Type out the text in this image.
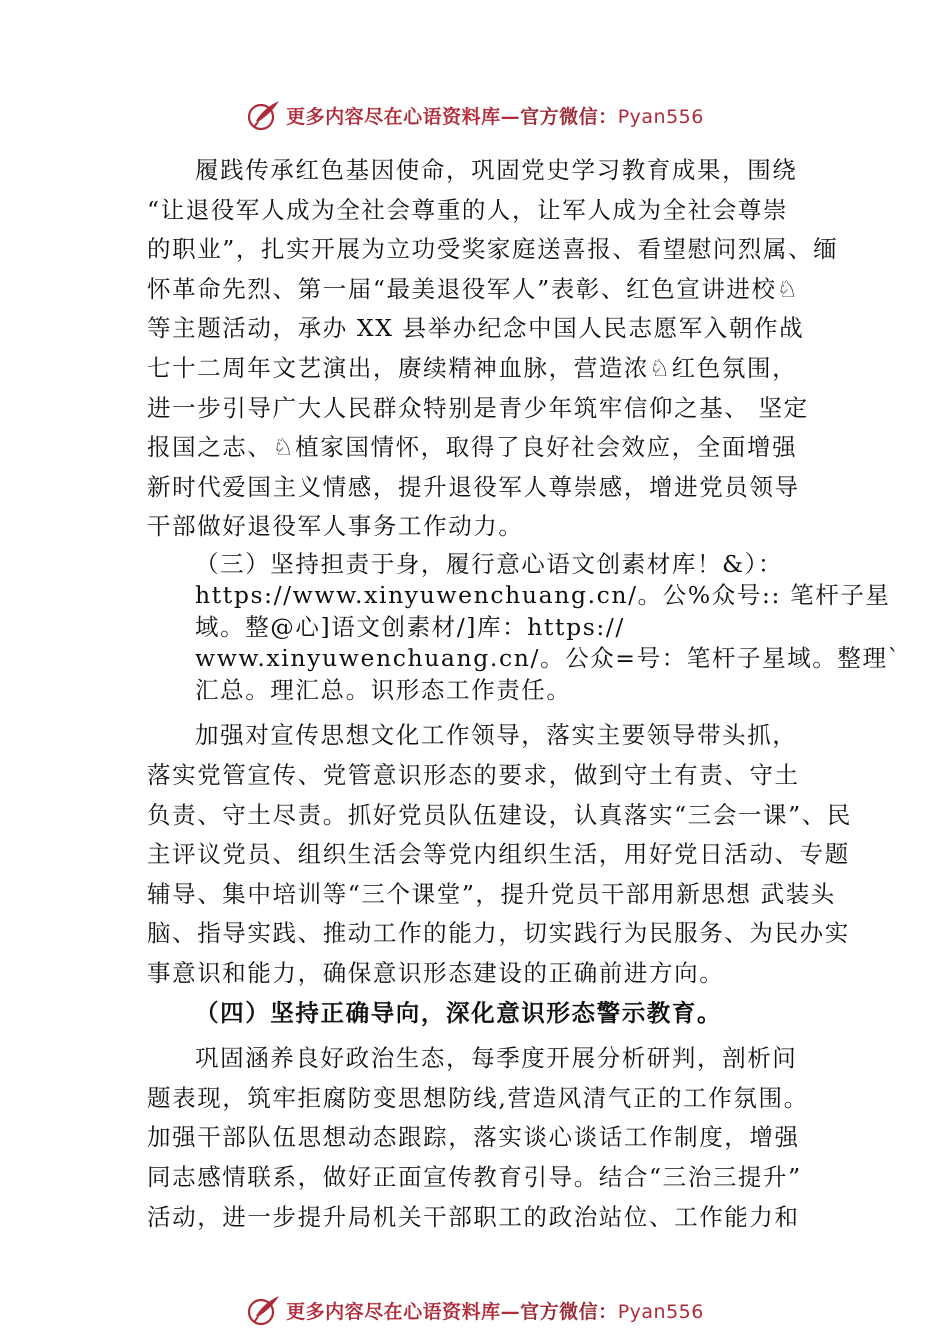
更多内容尽在心语资料库—官方微信：Pyan556

履践传承红色基因使命，巩固党史学习教育成果，围绕
“让退役军人成为全社会尊重的人，让军人成为全社会尊崇
的职业”，扎实开展为立功受奖家庭送喜报、看望慰问烈属、缅
怀革命先烈、第一届“最美退役军人”表彰、红色宣讲进校♘
等主题活动，承办 XX 县举办纪念中国人民志愿军入朝作战
七十二周年文艺演出，赓续精神血脉，营造浓♘红色氛围，
进一步引导广大人民群众特别是青少年筑牢信仰之基、 坚定
报国之志、♘植家国情怀，取得了良好社会效应，全面增强
新时代爱国主义情感，提升退役军人尊崇感，增进党员领导
干部做好退役军人事务工作动力。

（三）坚持担责于身，履行意心语文创素材库！&）：
https://www.xinyuwenchuang.cn/。公%众号:: 笔杆子星
域。整@心]语文创素材/]库：https://
www.xinyuwenchuang.cn/。公众=号：笔杆子星域。整理`
汇总。理汇总。识形态工作责任。

加强对宣传思想文化工作领导，落实主要领导带头抓，
落实党管宣传、党管意识形态的要求，做到守土有责、守土
负责、守土尽责。抓好党员队伍建设，认真落实“三会一课”、民
主评议党员、组织生活会等党内组织生活，用好党日活动、专题
辅导、集中培训等“三个课堂”，提升党员干部用新思想 武装头
脑、指导实践、推动工作的能力，切实践行为民服务、为民办实
事意识和能力，确保意识形态建设的正确前进方向。

（四）坚持正确导向，深化意识形态警示教育。

巩固涵养良好政治生态，每季度开展分析研判，剖析问
题表现，筑牢拒腐防变思想防线,营造风清气正的工作氛围。
加强干部队伍思想动态跟踪，落实谈心谈话工作制度，增强
同志感情联系，做好正面宣传教育引导。结合“三治三提升”
活动，进一步提升局机关干部职工的政治站位、工作能力和

更多内容尽在心语资料库—官方微信：Pyan556
